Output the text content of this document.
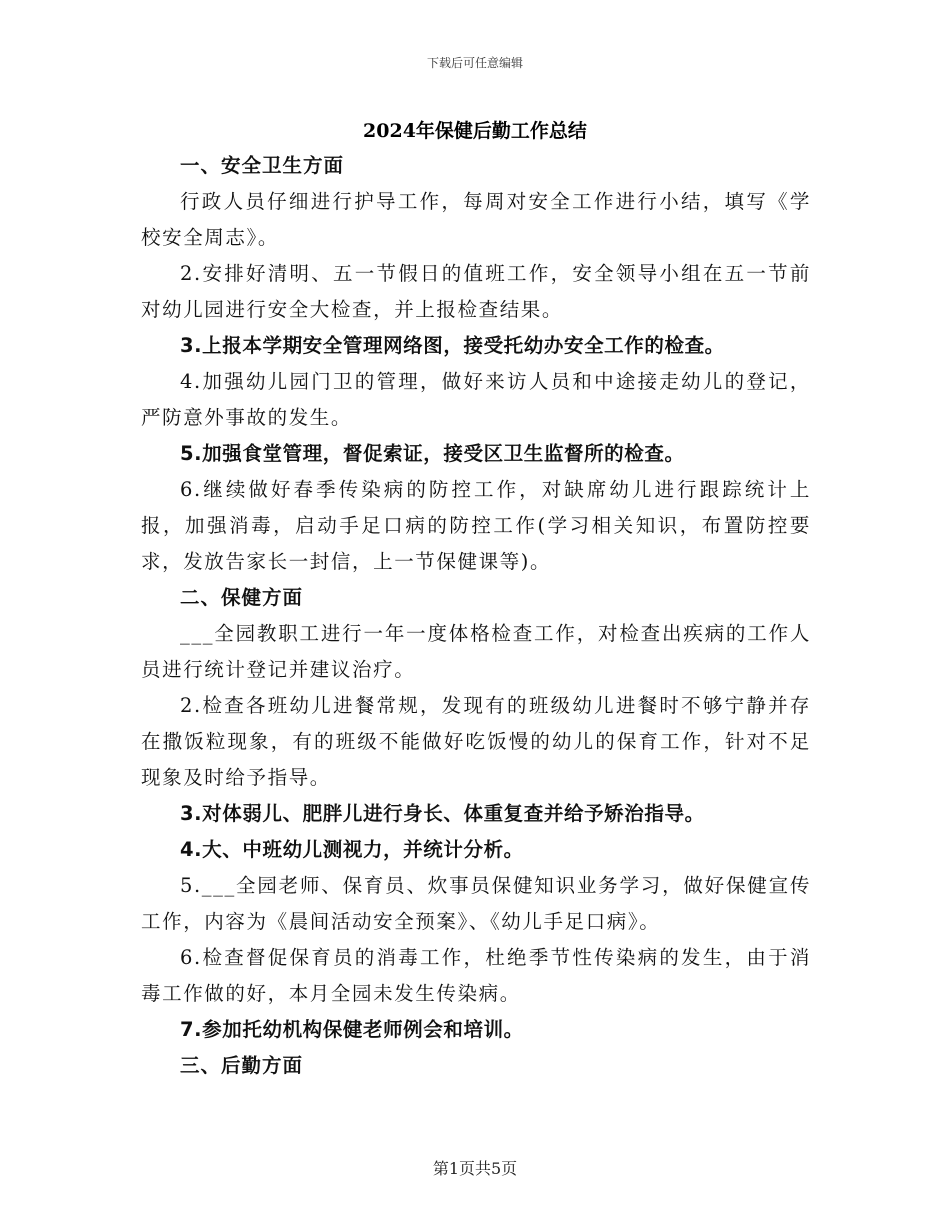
下载后可任意编辑
2024年保健后勤工作总结

一、安全卫生方面

行政人员仔细进行护导工作，每周对安全工作进行小结，填写《学校安全周志》。

2.安排好清明、五一节假日的值班工作，安全领导小组在五一节前对幼儿园进行安全大检查，并上报检查结果。

3.上报本学期安全管理网络图，接受托幼办安全工作的检查。

4.加强幼儿园门卫的管理，做好来访人员和中途接走幼儿的登记，严防意外事故的发生。

5.加强食堂管理，督促索证，接受区卫生监督所的检查。

6.继续做好春季传染病的防控工作，对缺席幼儿进行跟踪统计上报，加强消毒，启动手足口病的防控工作(学习相关知识，布置防控要求，发放告家长一封信，上一节保健课等)。

二、保健方面

___全园教职工进行一年一度体格检查工作，对检查出疾病的工作人员进行统计登记并建议治疗。

2.检查各班幼儿进餐常规，发现有的班级幼儿进餐时不够宁静并存在撒饭粒现象，有的班级不能做好吃饭慢的幼儿的保育工作，针对不足现象及时给予指导。

3.对体弱儿、肥胖儿进行身长、体重复查并给予矫治指导。

4.大、中班幼儿测视力，并统计分析。

5.___全园老师、保育员、炊事员保健知识业务学习，做好保健宣传工作，内容为《晨间活动安全预案》、《幼儿手足口病》。

6.检查督促保育员的消毒工作，杜绝季节性传染病的发生，由于消毒工作做的好，本月全园未发生传染病。

7.参加托幼机构保健老师例会和培训。

三、后勤方面

第1页共5页
